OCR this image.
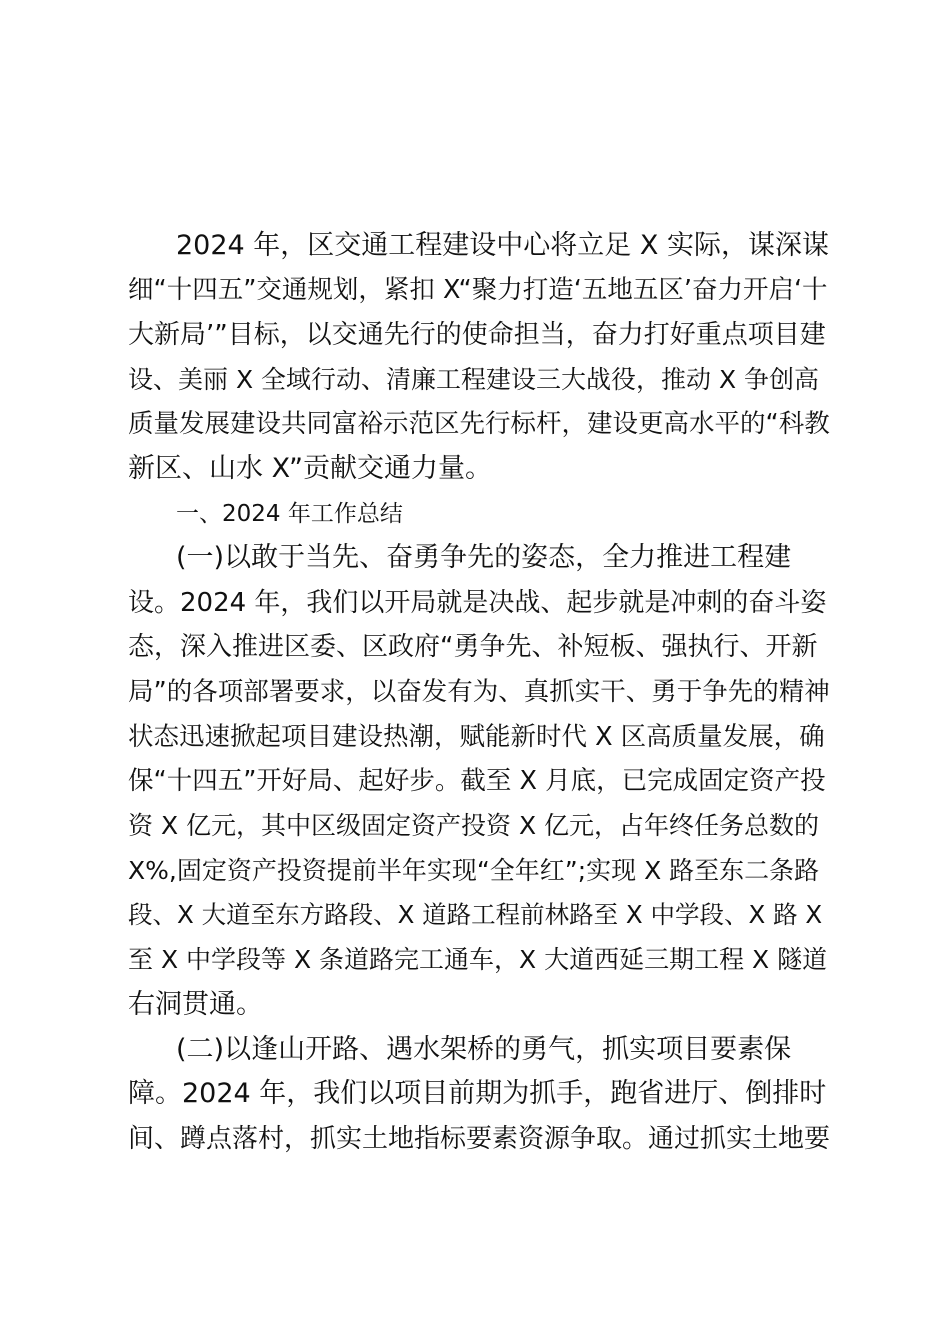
2024 年，区交通工程建设中心将立足 X 实际，谋深谋
细“十四五”交通规划，紧扣 X“聚力打造‘五地五区’奋力开启‘十
大新局’”目标，以交通先行的使命担当，奋力打好重点项目建
设、美丽 X 全域行动、清廉工程建设三大战役，推动 X 争创高
质量发展建设共同富裕示范区先行标杆，建设更高水平的“科教
新区、山水 X”贡献交通力量。
一、2024 年工作总结
(一)以敢于当先、奋勇争先的姿态，全力推进工程建
设。2024 年，我们以开局就是决战、起步就是冲刺的奋斗姿
态，深入推进区委、区政府“勇争先、补短板、强执行、开新
局”的各项部署要求，以奋发有为、真抓实干、勇于争先的精神
状态迅速掀起项目建设热潮，赋能新时代 X 区高质量发展，确
保“十四五”开好局、起好步。截至 X 月底，已完成固定资产投
资 X 亿元，其中区级固定资产投资 X 亿元，占年终任务总数的
X%,固定资产投资提前半年实现“全年红”;实现 X 路至东二条路
段、X 大道至东方路段、X 道路工程前林路至 X 中学段、X 路 X
至 X 中学段等 X 条道路完工通车，X 大道西延三期工程 X 隧道
右洞贯通。
(二)以逢山开路、遇水架桥的勇气，抓实项目要素保
障。2024 年，我们以项目前期为抓手，跑省进厅、倒排时
间、蹲点落村，抓实土地指标要素资源争取。通过抓实土地要
